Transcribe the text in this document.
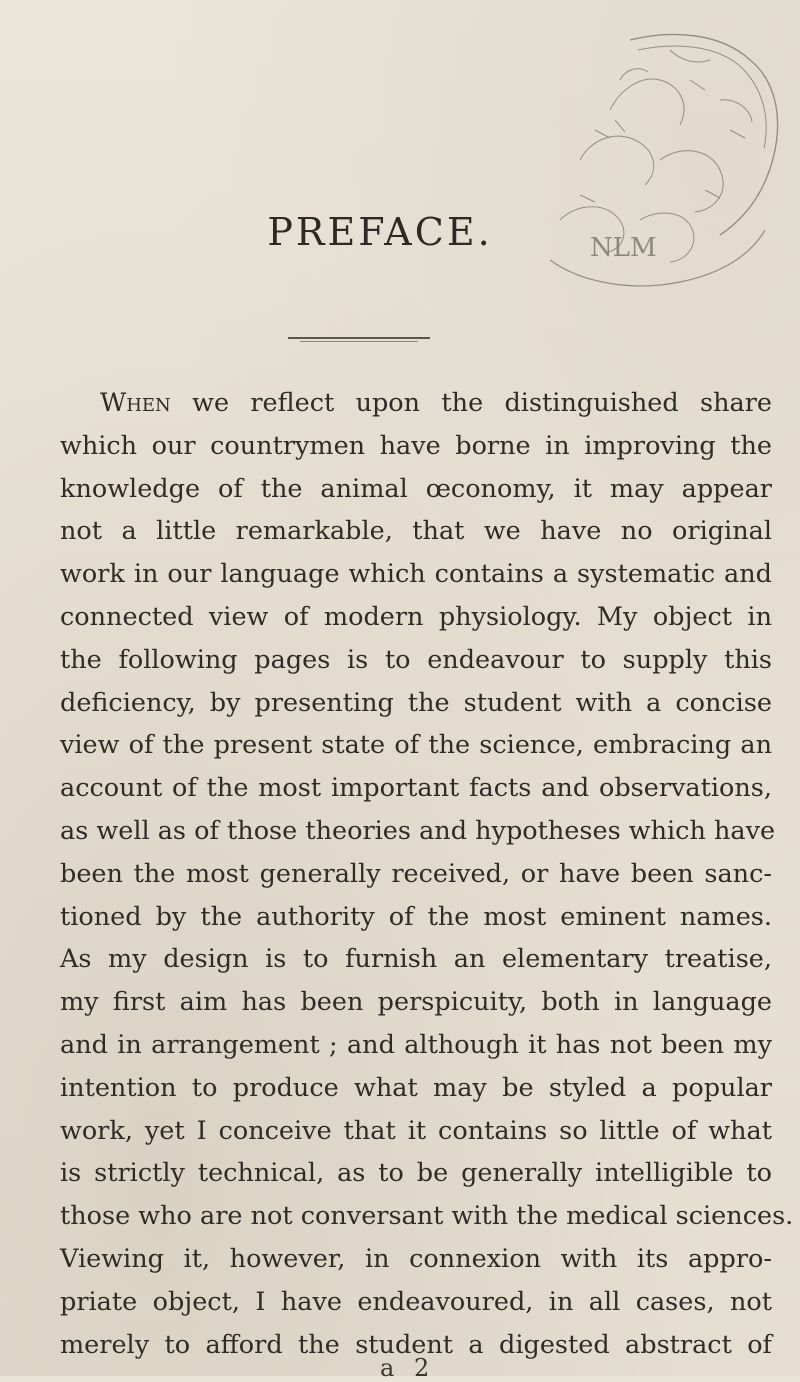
NLM
PREFACE.
When we reflect upon the distinguished share
which our countrymen have borne in improving the
knowledge of the animal œconomy, it may appear
not a little remarkable, that we have no original
work in our language which contains a systematic and
connected view of modern physiology. My object in
the following pages is to endeavour to supply this
deficiency, by presenting the student with a concise
view of the present state of the science, embracing an
account of the most important facts and observations,
as well as of those theories and hypotheses which have
been the most generally received, or have been sanc-
tioned by the authority of the most eminent names.
As my design is to furnish an elementary treatise,
my first aim has been perspicuity, both in language
and in arrangement ; and although it has not been my
intention to produce what may be styled a popular
work, yet I conceive that it contains so little of what
is strictly technical, as to be generally intelligible to
those who are not conversant with the medical sciences.
Viewing it, however, in connexion with its appro-
priate object, I have endeavoured, in all cases, not
merely to afford the student a digested abstract of

a 2
